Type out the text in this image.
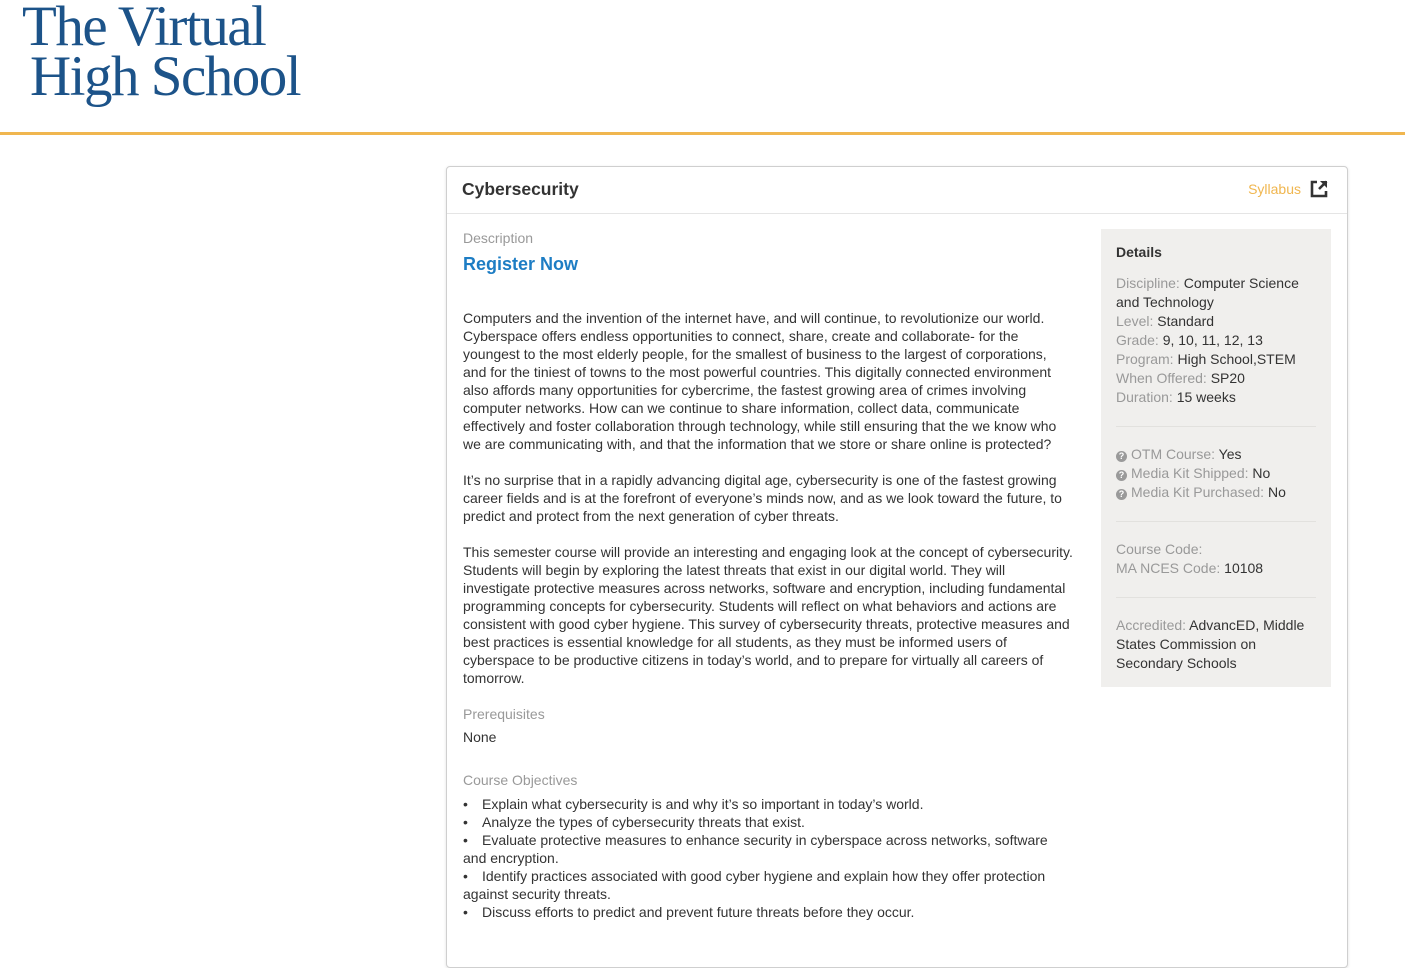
The Virtual
High School
Cybersecurity	Syllabus
Description
Register Now

Computers and the invention of the internet have, and will continue, to revolutionize our world. Cyberspace offers endless opportunities to connect, share, create and collaborate- for the youngest to the most elderly people, for the smallest of business to the largest of corporations, and for the tiniest of towns to the most powerful countries. This digitally connected environment also affords many opportunities for cybercrime, the fastest growing area of crimes involving computer networks. How can we continue to share information, collect data, communicate effectively and foster collaboration through technology, while still ensuring that the we know who we are communicating with, and that the information that we store or share online is protected?

It’s no surprise that in a rapidly advancing digital age, cybersecurity is one of the fastest growing career fields and is at the forefront of everyone’s minds now, and as we look toward the future, to predict and protect from the next generation of cyber threats.

This semester course will provide an interesting and engaging look at the concept of cybersecurity. Students will begin by exploring the latest threats that exist in our digital world. They will investigate protective measures across networks, software and encryption, including fundamental programming concepts for cybersecurity. Students will reflect on what behaviors and actions are consistent with good cyber hygiene. This survey of cybersecurity threats, protective measures and best practices is essential knowledge for all students, as they must be informed users of cyberspace to be productive citizens in today’s world, and to prepare for virtually all careers of tomorrow.

Prerequisites
None
Course Objectives
• Explain what cybersecurity is and why it’s so important in today’s world.
• Analyze the types of cybersecurity threats that exist.
• Evaluate protective measures to enhance security in cyberspace across networks, software and encryption.
• Identify practices associated with good cyber hygiene and explain how they offer protection against security threats.
• Discuss efforts to predict and prevent future threats before they occur.
Details
Discipline: Computer Science and Technology
Level: Standard
Grade: 9, 10, 11, 12, 13
Program: High School,STEM
When Offered: SP20
Duration: 15 weeks
? OTM Course: Yes
? Media Kit Shipped: No
? Media Kit Purchased: No
Course Code:
MA NCES Code: 10108
Accredited: AdvancED, Middle States Commission on Secondary Schools
